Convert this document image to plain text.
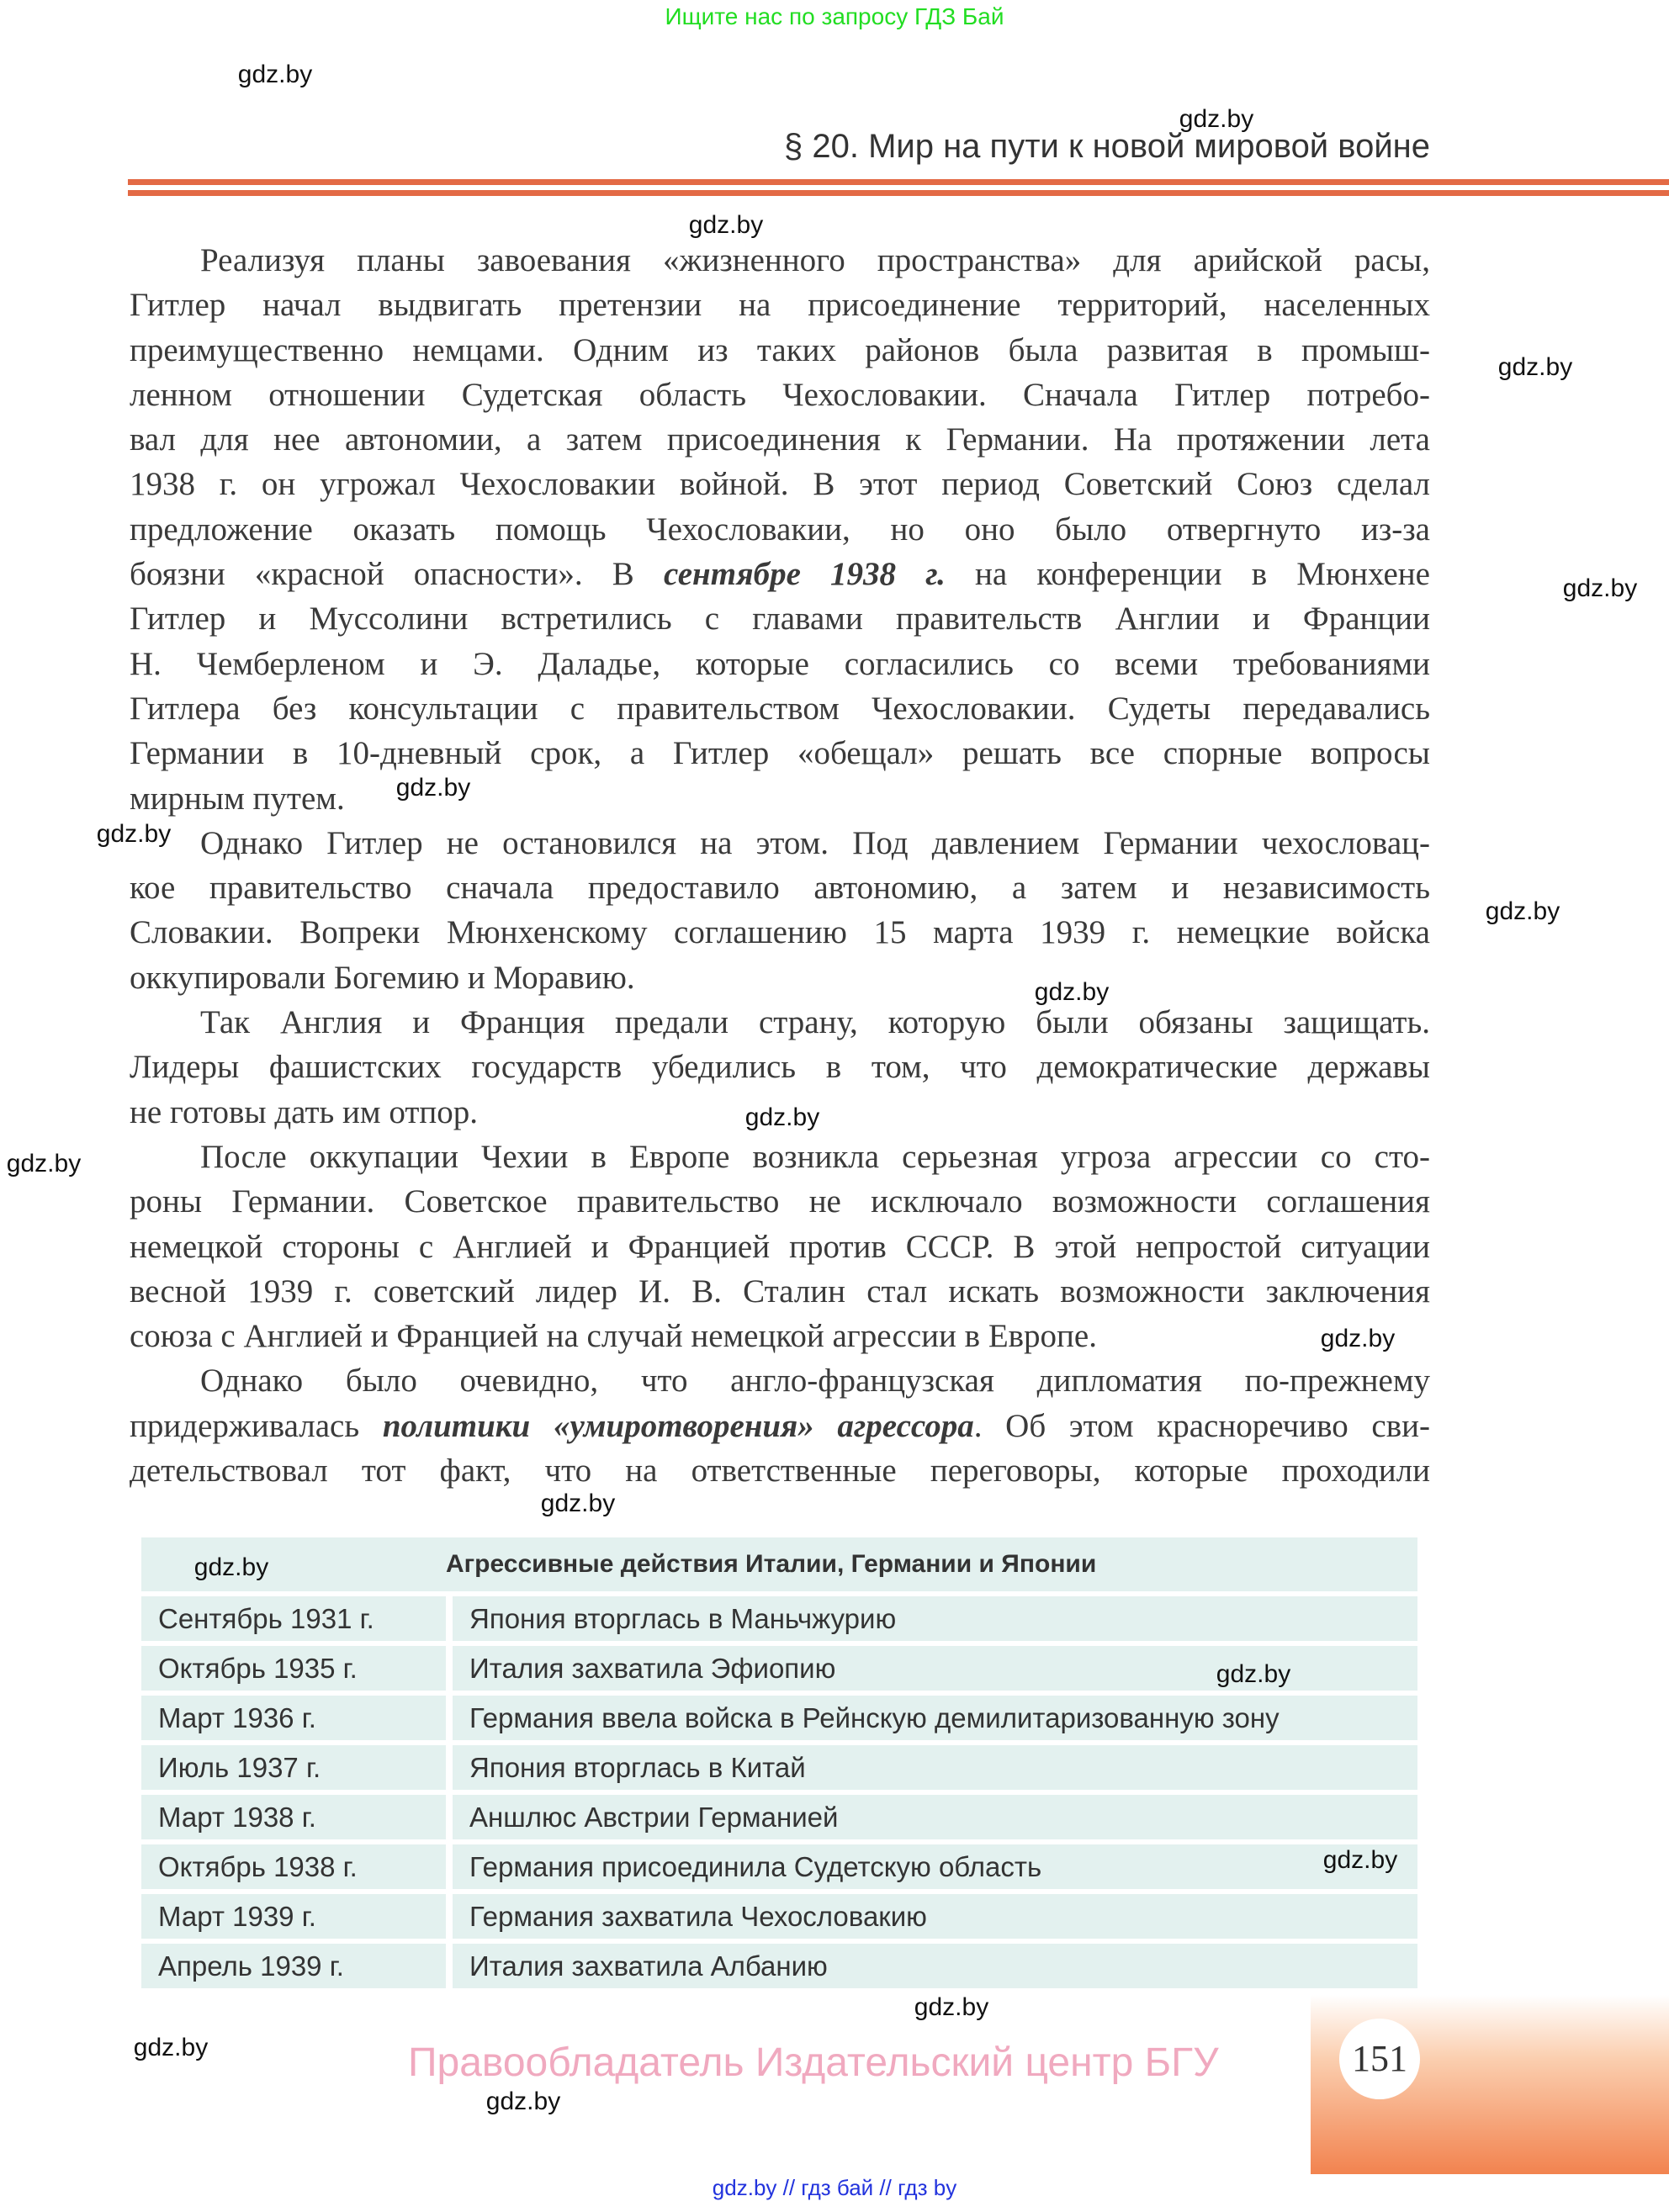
Ищите нас по запросу ГДЗ Бай
§ 20. Мир на пути к новой мировой войне
Реализуя планы завоевания «жизненного пространства» для арийской расы,
Гитлер начал выдвигать претензии на присоединение территорий, населенных
преимущественно немцами. Одним из таких районов была развитая в промыш-
ленном отношении Судетская область Чехословакии. Сначала Гитлер потребо-
вал для нее автономии, а затем присоединения к Германии. На протяжении лета
1938 г. он угрожал Чехословакии войной. В этот период Советский Союз сделал
предложение оказать помощь Чехословакии, но оно было отвергнуто из-за
боязни «красной опасности». В сентябре 1938 г. на конференции в Мюнхене
Гитлер и Муссолини встретились с главами правительств Англии и Франции
Н. Чемберленом и Э. Даладье, которые согласились со всеми требованиями
Гитлера без консультации с правительством Чехословакии. Судеты передавались
Германии в 10-дневный срок, а Гитлер «обещал» решать все спорные вопросы
мирным путем.
Однако Гитлер не остановился на этом. Под давлением Германии чехословац-
кое правительство сначала предоставило автономию, а затем и независимость
Словакии. Вопреки Мюнхенскому соглашению 15 марта 1939 г. немецкие войска
оккупировали Богемию и Моравию.
Так Англия и Франция предали страну, которую были обязаны защищать.
Лидеры фашистских государств убедились в том, что демократические державы
не готовы дать им отпор.
После оккупации Чехии в Европе возникла серьезная угроза агрессии со сто-
роны Германии. Советское правительство не исключало возможности соглашения
немецкой стороны с Англией и Францией против СССР. В этой непростой ситуации
весной 1939 г. советский лидер И. В. Сталин стал искать возможности заключения
союза с Англией и Францией на случай немецкой агрессии в Европе.
Однако было очевидно, что англо-французская дипломатия по-прежнему
придерживалась политики «умиротворения» агрессора. Об этом красноречиво сви-
детельствовал тот факт, что на ответственные переговоры, которые проходили
Агрессивные действия Италии, Германии и Японии	
Сентябрь 1931 г.	Япония вторглась в Маньчжурию
Октябрь 1935 г.	Италия захватила Эфиопию
Март 1936 г.	Германия ввела войска в Рейнскую демилитаризованную зону
Июль 1937 г.	Япония вторглась в Китай
Март 1938 г.	Аншлюс Австрии Германией
Октябрь 1938 г.	Германия присоединила Судетскую область
Март 1939 г.	Германия захватила Чехословакию
Апрель 1939 г.	Италия захватила Албанию
gdz.by
gdz.by
gdz.by
gdz.by
gdz.by
gdz.by
gdz.by
gdz.by
gdz.by
gdz.by
gdz.by
gdz.by
gdz.by
gdz.by
gdz.by
gdz.by
gdz.by
gdz.by
gdz.by
Правообладатель Издательский центр БГУ	151
gdz.by // гдз бай // гдз by
